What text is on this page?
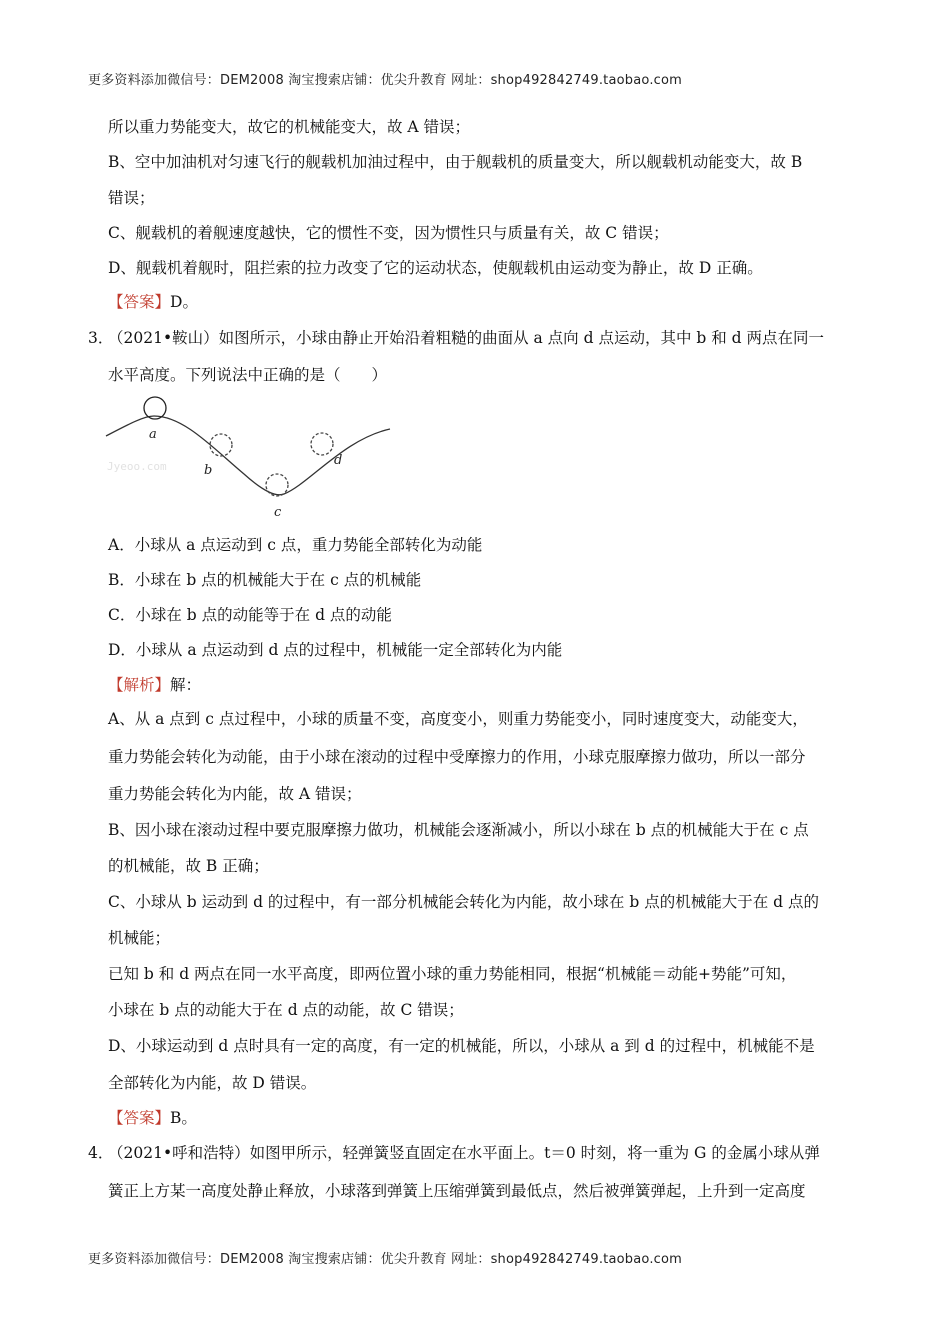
更多资料添加微信号：DEM2008 淘宝搜索店铺：优尖升教育 网址：shop492842749.taobao.com
所以重力势能变大，故它的机械能变大，故 A 错误；
B、空中加油机对匀速飞行的舰载机加油过程中，由于舰载机的质量变大，所以舰载机动能变大，故 B
错误；
C、舰载机的着舰速度越快，它的惯性不变，因为惯性只与质量有关，故 C 错误；
D、舰载机着舰时，阻拦索的拉力改变了它的运动状态，使舰载机由运动变为静止，故 D 正确。
【答案】D。
3．
（2021•鞍山）如图所示，小球由静止开始沿着粗糙的曲面从 a 点向 d 点运动，其中 b 和 d 两点在同一
水平高度。下列说法中正确的是（　　）
a
b
c
d
Jyeoo.com
A．小球从 a 点运动到 c 点，重力势能全部转化为动能
B．小球在 b 点的机械能大于在 c 点的机械能
C．小球在 b 点的动能等于在 d 点的动能
D．小球从 a 点运动到 d 点的过程中，机械能一定全部转化为内能
【解析】解：
A、从 a 点到 c 点过程中，小球的质量不变，高度变小，则重力势能变小，同时速度变大，动能变大，
重力势能会转化为动能，由于小球在滚动的过程中受摩擦力的作用，小球克服摩擦力做功，所以一部分
重力势能会转化为内能，故 A 错误；
B、因小球在滚动过程中要克服摩擦力做功，机械能会逐渐减小，所以小球在 b 点的机械能大于在 c 点
的机械能，故 B 正确；
C、小球从 b 运动到 d 的过程中，有一部分机械能会转化为内能，故小球在 b 点的机械能大于在 d 点的
机械能；
已知 b 和 d 两点在同一水平高度，即两位置小球的重力势能相同，根据“机械能＝动能+势能”可知，
小球在 b 点的动能大于在 d 点的动能，故 C 错误；
D、小球运动到 d 点时具有一定的高度，有一定的机械能，所以，小球从 a 到 d 的过程中，机械能不是
全部转化为内能，故 D 错误。
【答案】B。
4．
（2021•呼和浩特）如图甲所示，轻弹簧竖直固定在水平面上。t＝0 时刻，将一重为 G 的金属小球从弹
簧正上方某一高度处静止释放，小球落到弹簧上压缩弹簧到最低点，然后被弹簧弹起，上升到一定高度
更多资料添加微信号：DEM2008 淘宝搜索店铺：优尖升教育 网址：shop492842749.taobao.com
